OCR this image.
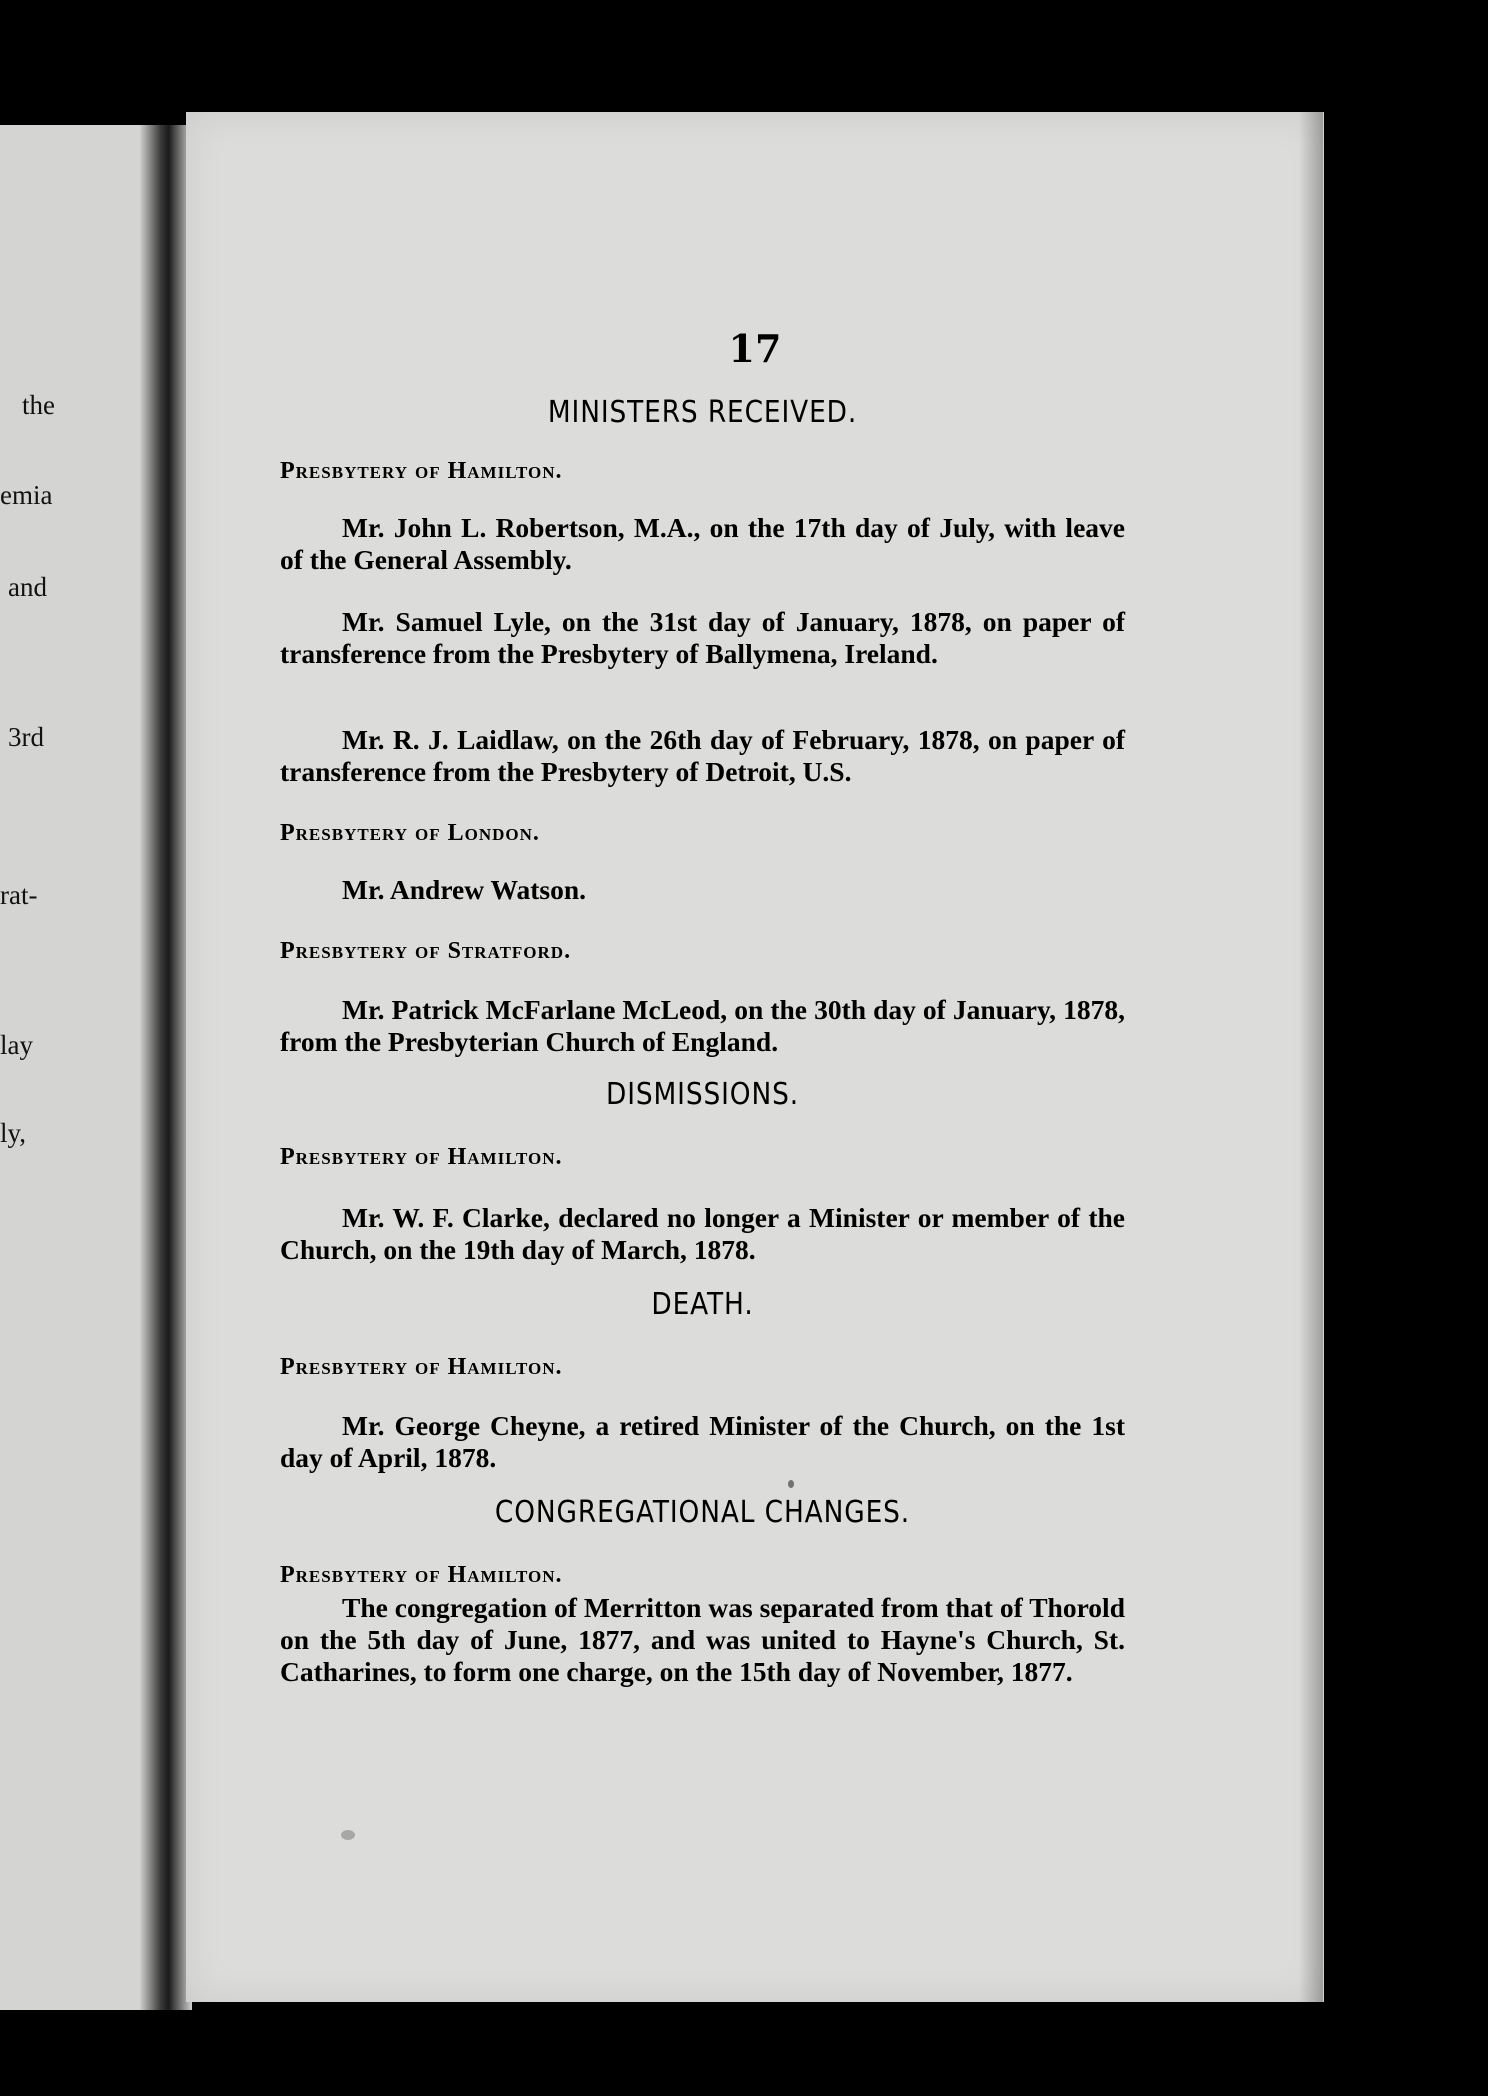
the
emia
and
3rd
rat-
lay
ly,
17
MINISTERS RECEIVED.
Presbytery of Hamilton.
Mr. John L. Robertson, M.A., on the 17th day of July, with leave of the General Assembly.
Mr. Samuel Lyle, on the 31st day of January, 1878, on paper of transference from the Presbytery of Ballymena, Ireland.
Mr. R. J. Laidlaw, on the 26th day of February, 1878, on paper of transference from the Presbytery of Detroit, U.S.
Presbytery of London.
Mr. Andrew Watson.
Presbytery of Stratford.
Mr. Patrick McFarlane McLeod, on the 30th day of January, 1878, from the Presbyterian Church of England.
DISMISSIONS.
Presbytery of Hamilton.
Mr. W. F. Clarke, declared no longer a Minister or member of the Church, on the 19th day of March, 1878.
DEATH.
Presbytery of Hamilton.
Mr. George Cheyne, a retired Minister of the Church, on the 1st day of April, 1878.
CONGREGATIONAL CHANGES.
Presbytery of Hamilton.
The congregation of Merritton was separated from that of Thorold on the 5th day of June, 1877, and was united to Hayne's Church, St. Catharines, to form one charge, on the 15th day of November, 1877.
